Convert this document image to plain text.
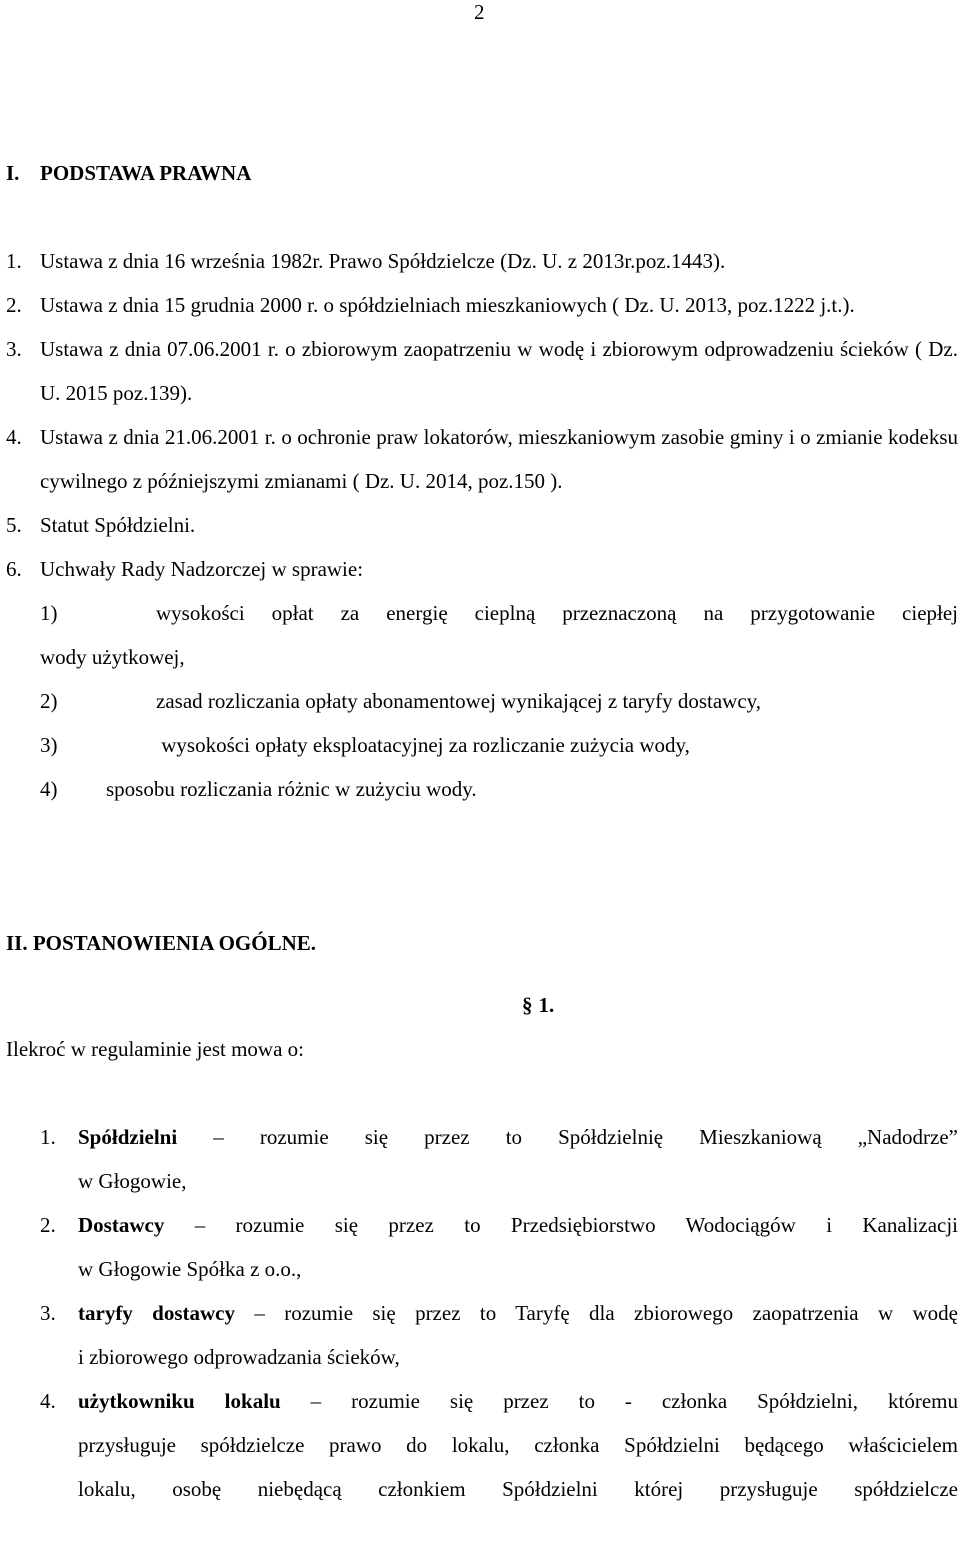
2
I. PODSTAWA PRAWNA
1. Ustawa z dnia 16 września 1982r. Prawo Spółdzielcze (Dz. U. z 2013r.poz.1443).
2. Ustawa z dnia 15 grudnia 2000 r. o spółdzielniach mieszkaniowych ( Dz. U. 2013, poz.1222 j.t.).
3. Ustawa z dnia 07.06.2001 r. o zbiorowym zaopatrzeniu w wodę i zbiorowym odprowadzeniu ścieków ( Dz. U. 2015 poz.139).
4. Ustawa z dnia 21.06.2001 r. o ochronie praw lokatorów, mieszkaniowym zasobie gminy i o zmianie kodeksu cywilnego z późniejszymi zmianami ( Dz. U. 2014, poz.150 ).
5. Statut Spółdzielni.
6. Uchwały Rady Nadzorczej w sprawie:
1)	wysokości opłat za energię cieplną przeznaczoną na przygotowanie ciepłej
wody użytkowej,
2)	zasad rozliczania opłaty abonamentowej wynikającej z taryfy dostawcy,
3)	wysokości opłaty eksploatacyjnej za rozliczanie zużycia wody,
4)	sposobu rozliczania różnic w zużyciu wody.
II. POSTANOWIENIA OGÓLNE.
§ 1.
Ilekroć w regulaminie jest mowa o:
1.	Spółdzielni – rozumie się przez to Spółdzielnię Mieszkaniową „Nadodrze”
w Głogowie,
2.	Dostawcy – rozumie się przez to Przedsiębiorstwo Wodociągów i Kanalizacji
w Głogowie Spółka z o.o.,
3.	taryfy dostawcy – rozumie się przez to Taryfę dla zbiorowego zaopatrzenia w wodę
i zbiorowego odprowadzania ścieków,
4.	użytkowniku lokalu – rozumie się przez to - członka Spółdzielni, któremu
przysługuje spółdzielcze prawo do lokalu, członka Spółdzielni będącego właścicielem
lokalu, osobę niebędącą członkiem Spółdzielni której przysługuje spółdzielcze
